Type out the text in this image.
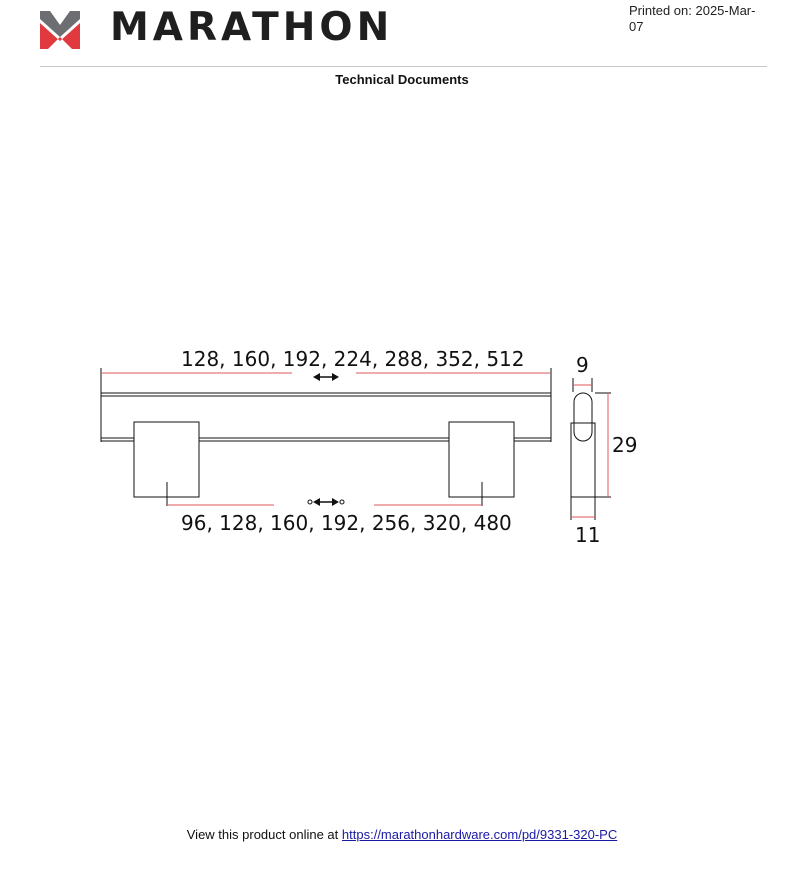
MARATHON	Printed on: 2025-Mar-07
Technical Documents
128, 160, 192, 224, 288, 352, 512
96, 128, 160, 192, 256, 320, 480
9
29
11
View this product online at https://marathonhardware.com/pd/9331-320-PC
